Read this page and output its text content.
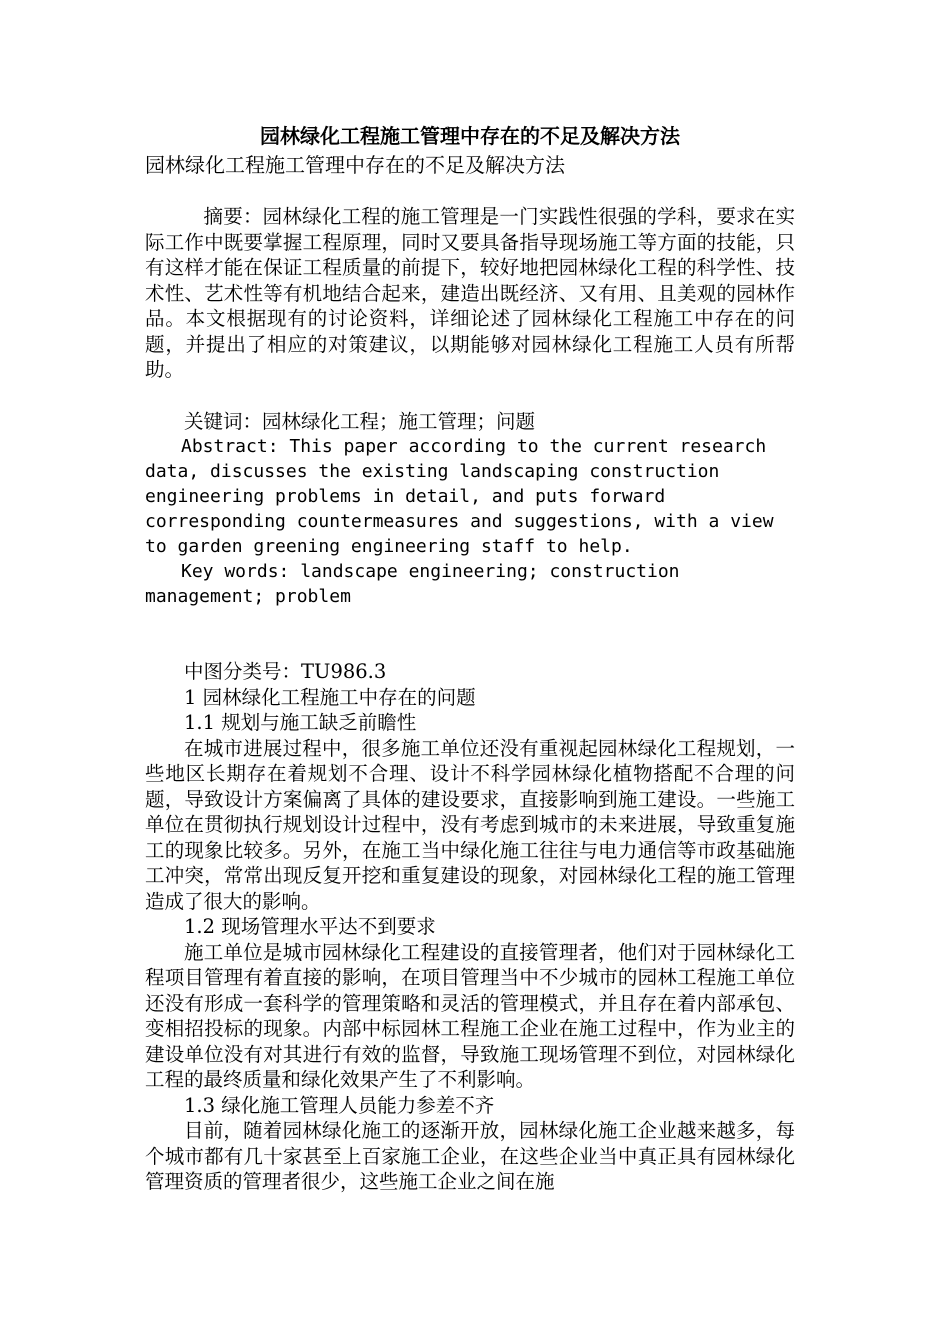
园林绿化工程施工管理中存在的不足及解决方法

园林绿化工程施工管理中存在的不足及解决方法

摘要：园林绿化工程的施工管理是一门实践性很强的学科，要求在实际工作中既要掌握工程原理，同时又要具备指导现场施工等方面的技能，只有这样才能在保证工程质量的前提下，较好地把园林绿化工程的科学性、技术性、艺术性等有机地结合起来，建造出既经济、又有用、且美观的园林作品。本文根据现有的讨论资料，详细论述了园林绿化工程施工中存在的问题，并提出了相应的对策建议，以期能够对园林绿化工程施工人员有所帮助。

关键词：园林绿化工程；施工管理；问题

Abstract: This paper according to the current research data, discusses the existing landscaping construction engineering problems in detail, and puts forward corresponding countermeasures and suggestions, with a view to garden greening engineering staff to help.

Key words: landscape engineering; construction management; problem

中图分类号：TU986.3

1 园林绿化工程施工中存在的问题

1.1 规划与施工缺乏前瞻性

在城市进展过程中，很多施工单位还没有重视起园林绿化工程规划，一些地区长期存在着规划不合理、设计不科学园林绿化植物搭配不合理的问题，导致设计方案偏离了具体的建设要求，直接影响到施工建设。一些施工单位在贯彻执行规划设计过程中，没有考虑到城市的未来进展，导致重复施工的现象比较多。另外，在施工当中绿化施工往往与电力通信等市政基础施工冲突，常常出现反复开挖和重复建设的现象，对园林绿化工程的施工管理造成了很大的影响。

1.2 现场管理水平达不到要求

施工单位是城市园林绿化工程建设的直接管理者，他们对于园林绿化工程项目管理有着直接的影响，在项目管理当中不少城市的园林工程施工单位还没有形成一套科学的管理策略和灵活的管理模式，并且存在着内部承包、变相招投标的现象。内部中标园林工程施工企业在施工过程中，作为业主的建设单位没有对其进行有效的监督，导致施工现场管理不到位，对园林绿化工程的最终质量和绿化效果产生了不利影响。

1.3 绿化施工管理人员能力参差不齐

目前，随着园林绿化施工的逐渐开放，园林绿化施工企业越来越多，每个城市都有几十家甚至上百家施工企业，在这些企业当中真正具有园林绿化管理资质的管理者很少，这些施工企业之间在施
